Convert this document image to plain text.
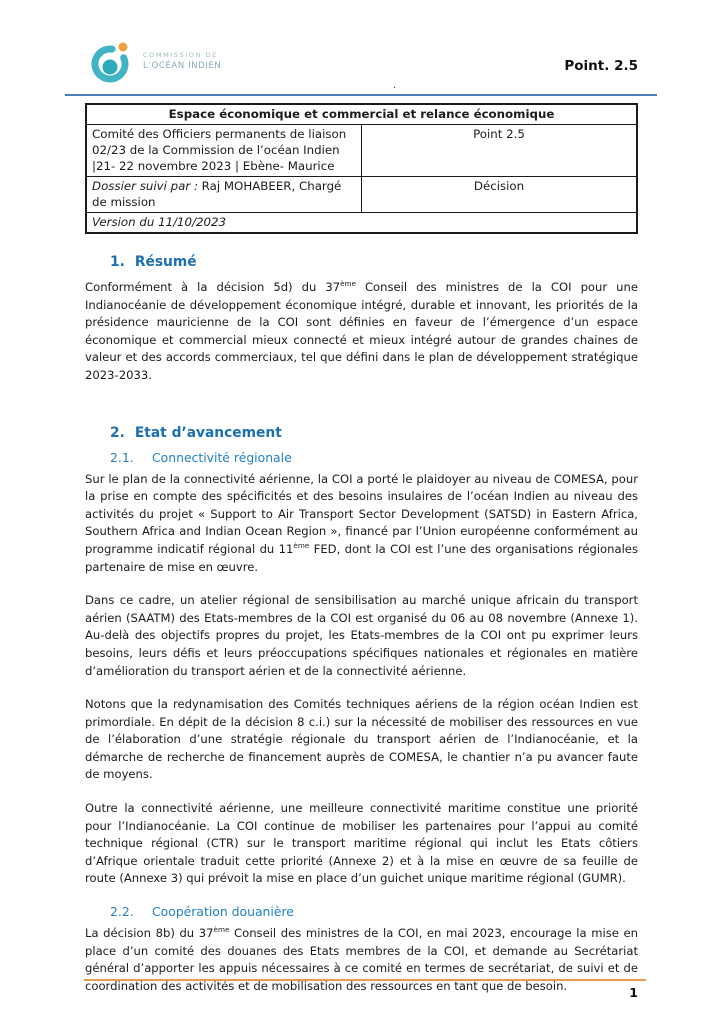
COMMISSION DE
L’OCÉAN INDIEN	Point. 2.5
.
Espace économique et commercial et relance économique	
Comité des Officiers permanents de liaison 02/23 de la Commission de l’océan Indien |21- 22 novembre 2023 | Ebène- Maurice	Point 2.5
Dossier suivi par : Raj MOHABEER, Chargé de mission	Décision
Version du 11/10/2023	
1. Résumé

Conformément à la décision 5d) du 37ème Conseil des ministres de la COI pour une Indianocéanie de développement économique intégré, durable et innovant, les priorités de la présidence mauricienne de la COI sont définies en faveur de l’émergence d’un espace économique et commercial mieux connecté et mieux intégré autour de grandes chaines de valeur et des accords commerciaux, tel que défini dans le plan de développement stratégique 2023-2033.

2. Etat d’avancement
2.1. Connectivité régionale

Sur le plan de la connectivité aérienne, la COI a porté le plaidoyer au niveau de COMESA, pour la prise en compte des spécificités et des besoins insulaires de l’océan Indien au niveau des activités du projet « Support to Air Transport Sector Development (SATSD) in Eastern Africa, Southern Africa and Indian Ocean Region », financé par l’Union européenne conformément au programme indicatif régional du 11ème FED, dont la COI est l’une des organisations régionales partenaire de mise en œuvre.

Dans ce cadre, un atelier régional de sensibilisation au marché unique africain du transport aérien (SAATM) des Etats-membres de la COI est organisé du 06 au 08 novembre (Annexe 1). Au-delà des objectifs propres du projet, les Etats-membres de la COI ont pu exprimer leurs besoins, leurs défis et leurs préoccupations spécifiques nationales et régionales en matière d’amélioration du transport aérien et de la connectivité aérienne.

Notons que la redynamisation des Comités techniques aériens de la région océan Indien est primordiale. En dépit de la décision 8 c.i.) sur la nécessité de mobiliser des ressources en vue de l’élaboration d’une stratégie régionale du transport aérien de l’Indianocéanie, et la démarche de recherche de financement auprès de COMESA, le chantier n’a pu avancer faute de moyens.

Outre la connectivité aérienne, une meilleure connectivité maritime constitue une priorité pour l’Indianocéanie. La COI continue de mobiliser les partenaires pour l’appui au comité technique régional (CTR) sur le transport maritime régional qui inclut les Etats côtiers d’Afrique orientale traduit cette priorité (Annexe 2) et à la mise en œuvre de sa feuille de route (Annexe 3) qui prévoit la mise en place d’un guichet unique maritime régional (GUMR).

2.2. Coopération douanière

La décision 8b) du 37ème Conseil des ministres de la COI, en mai 2023, encourage la mise en place d’un comité des douanes des Etats membres de la COI, et demande au Secrétariat général d’apporter les appuis nécessaires à ce comité en termes de secrétariat, de suivi et de coordination des activités et de mobilisation des ressources en tant que de besoin.	1
